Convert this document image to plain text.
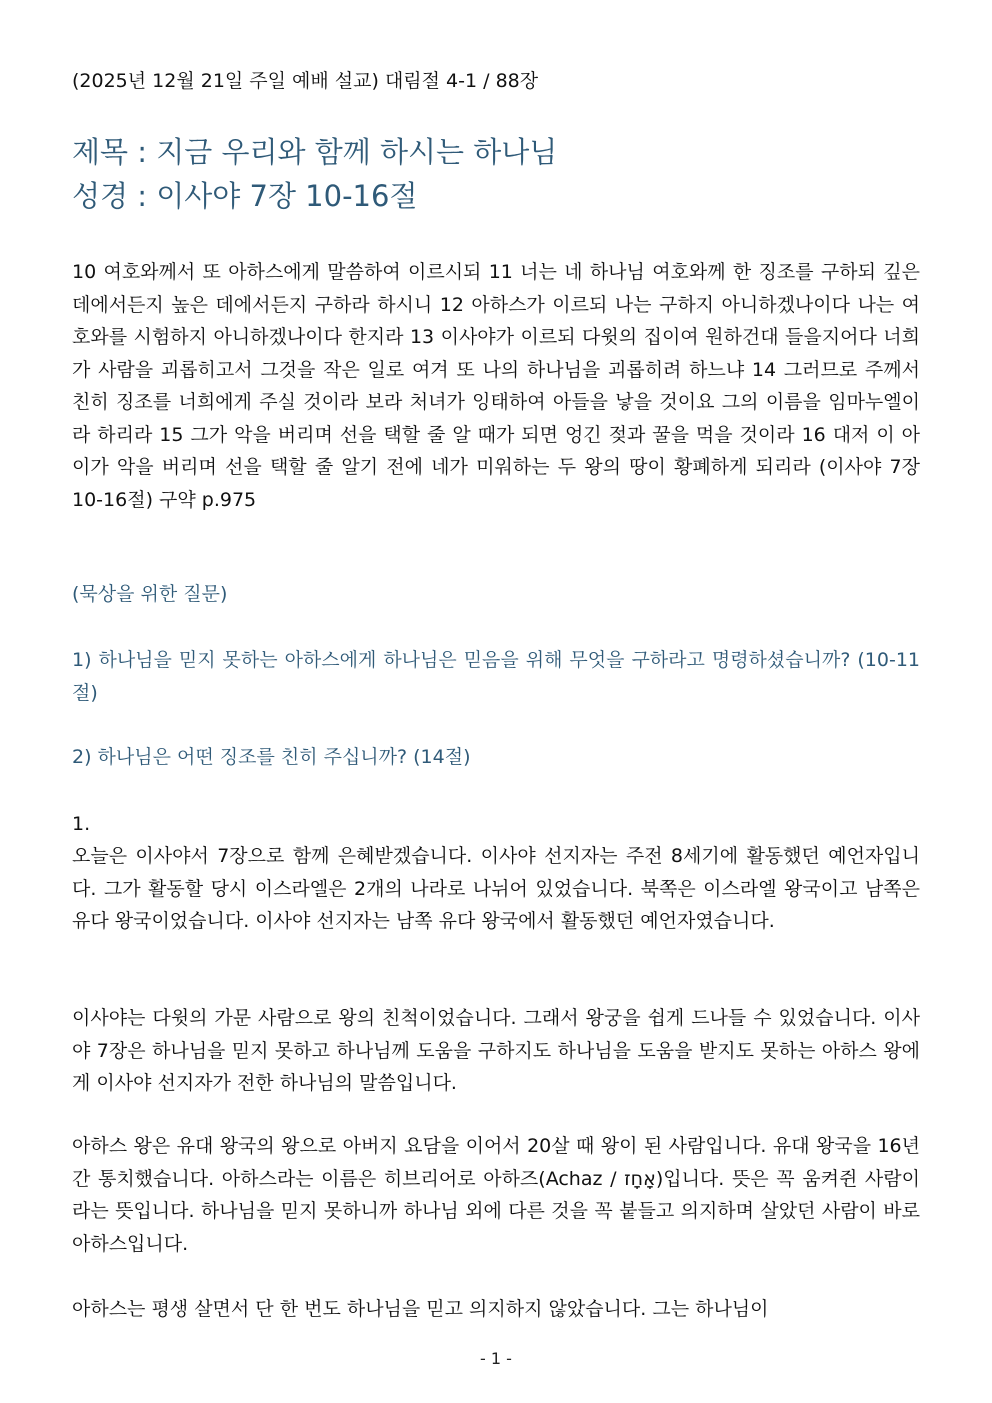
(2025년 12월 21일 주일 예배 설교) 대림절 4-1 / 88장
제목 : 지금 우리와 함께 하시는 하나님
성경 : 이사야 7장 10-16절
10 여호와께서 또 아하스에게 말씀하여 이르시되 11 너는 네 하나님 여호와께 한 징조를 구하되 깊은 데에서든지 높은 데에서든지 구하라 하시니 12 아하스가 이르되 나는 구하지 아니하겠나이다 나는 여호와를 시험하지 아니하겠나이다 한지라 13 이사야가 이르되 다윗의 집이여 원하건대 들을지어다 너희가 사람을 괴롭히고서 그것을 작은 일로 여겨 또 나의 하나님을 괴롭히려 하느냐 14 그러므로 주께서 친히 징조를 너희에게 주실 것이라 보라 처녀가 잉태하여 아들을 낳을 것이요 그의 이름을 임마누엘이라 하리라 15 그가 악을 버리며 선을 택할 줄 알 때가 되면 엉긴 젖과 꿀을 먹을 것이라 16 대저 이 아이가 악을 버리며 선을 택할 줄 알기 전에 네가 미워하는 두 왕의 땅이 황폐하게 되리라 (이사야 7장 10-16절) 구약 p.975
(묵상을 위한 질문)
1) 하나님을 믿지 못하는 아하스에게 하나님은 믿음을 위해 무엇을 구하라고 명령하셨습니까? (10-11절)
2) 하나님은 어떤 징조를 친히 주십니까? (14절)
1.
오늘은 이사야서 7장으로 함께 은혜받겠습니다. 이사야 선지자는 주전 8세기에 활동했던 예언자입니다. 그가 활동할 당시 이스라엘은 2개의 나라로 나뉘어 있었습니다. 북쪽은 이스라엘 왕국이고 남쪽은 유다 왕국이었습니다. 이사야 선지자는 남쪽 유다 왕국에서 활동했던 예언자였습니다.
이사야는 다윗의 가문 사람으로 왕의 친척이었습니다. 그래서 왕궁을 쉽게 드나들 수 있었습니다. 이사야 7장은 하나님을 믿지 못하고 하나님께 도움을 구하지도 하나님을 도움을 받지도 못하는 아하스 왕에게 이사야 선지자가 전한 하나님의 말씀입니다.
아하스 왕은 유대 왕국의 왕으로 아버지 요담을 이어서 20살 때 왕이 된 사람입니다. 유대 왕국을 16년간 통치했습니다. 아하스라는 이름은 히브리어로 아하즈(Achaz / אָחָז)입니다. 뜻은 꼭 움켜쥔 사람이라는 뜻입니다. 하나님을 믿지 못하니까 하나님 외에 다른 것을 꼭 붙들고 의지하며 살았던 사람이 바로 아하스입니다.
아하스는 평생 살면서 단 한 번도 하나님을 믿고 의지하지 않았습니다. 그는 하나님이
- 1 -
